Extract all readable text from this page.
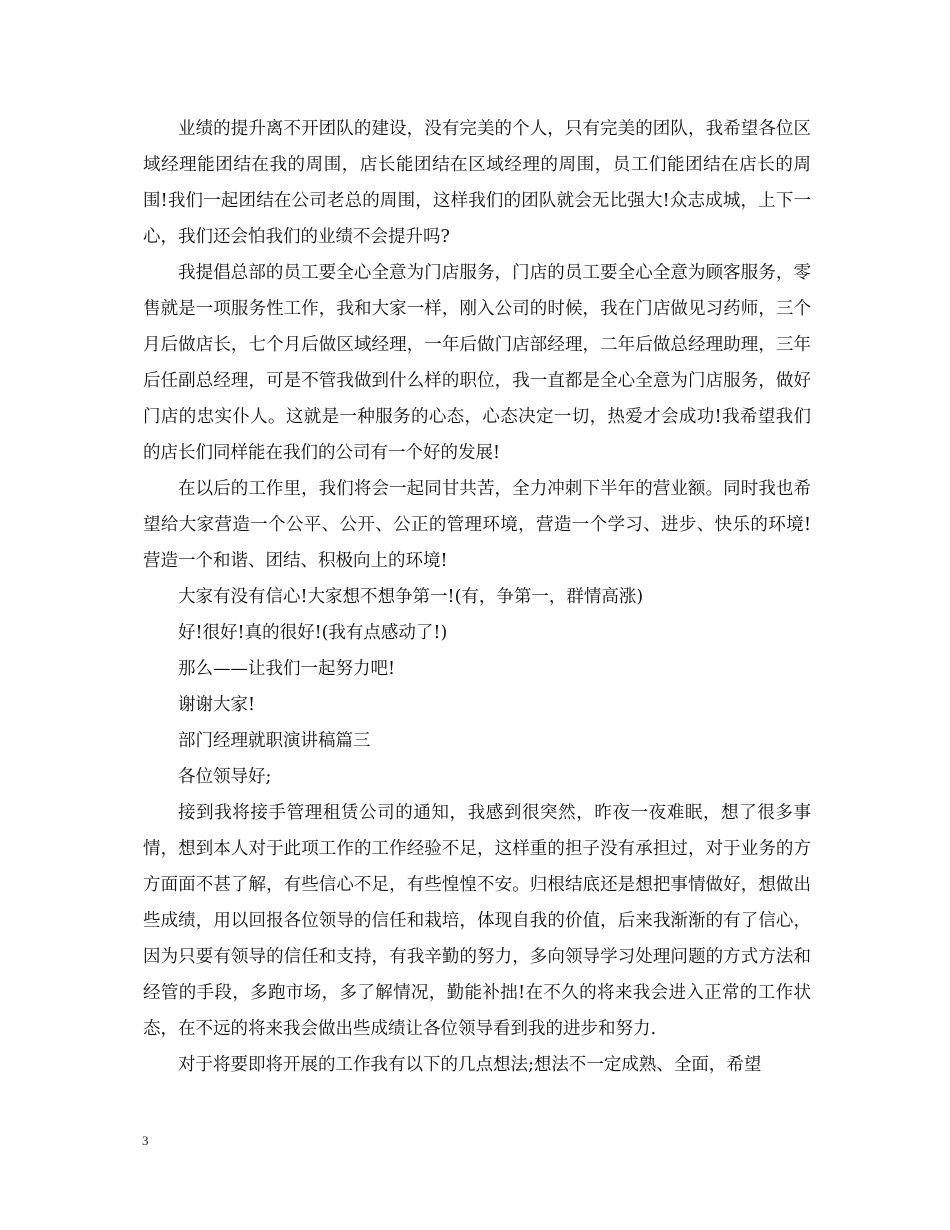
业绩的提升离不开团队的建设，没有完美的个人，只有完美的团队，我希望各位区域经理能团结在我的周围，店长能团结在区域经理的周围，员工们能团结在店长的周围!我们一起团结在公司老总的周围，这样我们的团队就会无比强大!众志成城，上下一心，我们还会怕我们的业绩不会提升吗?

我提倡总部的员工要全心全意为门店服务，门店的员工要全心全意为顾客服务，零售就是一项服务性工作，我和大家一样，刚入公司的时候，我在门店做见习药师，三个月后做店长，七个月后做区域经理，一年后做门店部经理，二年后做总经理助理，三年后任副总经理，可是不管我做到什么样的职位，我一直都是全心全意为门店服务，做好门店的忠实仆人。这就是一种服务的心态，心态决定一切，热爱才会成功!我希望我们的店长们同样能在我们的公司有一个好的发展!

在以后的工作里，我们将会一起同甘共苦，全力冲刺下半年的营业额。同时我也希望给大家营造一个公平、公开、公正的管理环境，营造一个学习、进步、快乐的环境!营造一个和谐、团结、积极向上的环境!

大家有没有信心!大家想不想争第一!(有，争第一，群情高涨)

好!很好!真的很好!(我有点感动了!)

那么——让我们一起努力吧!

谢谢大家!

部门经理就职演讲稿篇三

各位领导好;

接到我将接手管理租赁公司的通知，我感到很突然，昨夜一夜难眠，想了很多事情，想到本人对于此项工作的工作经验不足，这样重的担子没有承担过，对于业务的方方面面不甚了解，有些信心不足，有些惶惶不安。归根结底还是想把事情做好，想做出些成绩，用以回报各位领导的信任和栽培，体现自我的价值，后来我渐渐的有了信心，因为只要有领导的信任和支持，有我辛勤的努力，多向领导学习处理问题的方式方法和经管的手段，多跑市场，多了解情况，勤能补拙!在不久的将来我会进入正常的工作状态，在不远的将来我会做出些成绩让各位领导看到我的进步和努力.

对于将要即将开展的工作我有以下的几点想法;想法不一定成熟、全面，希望

3
